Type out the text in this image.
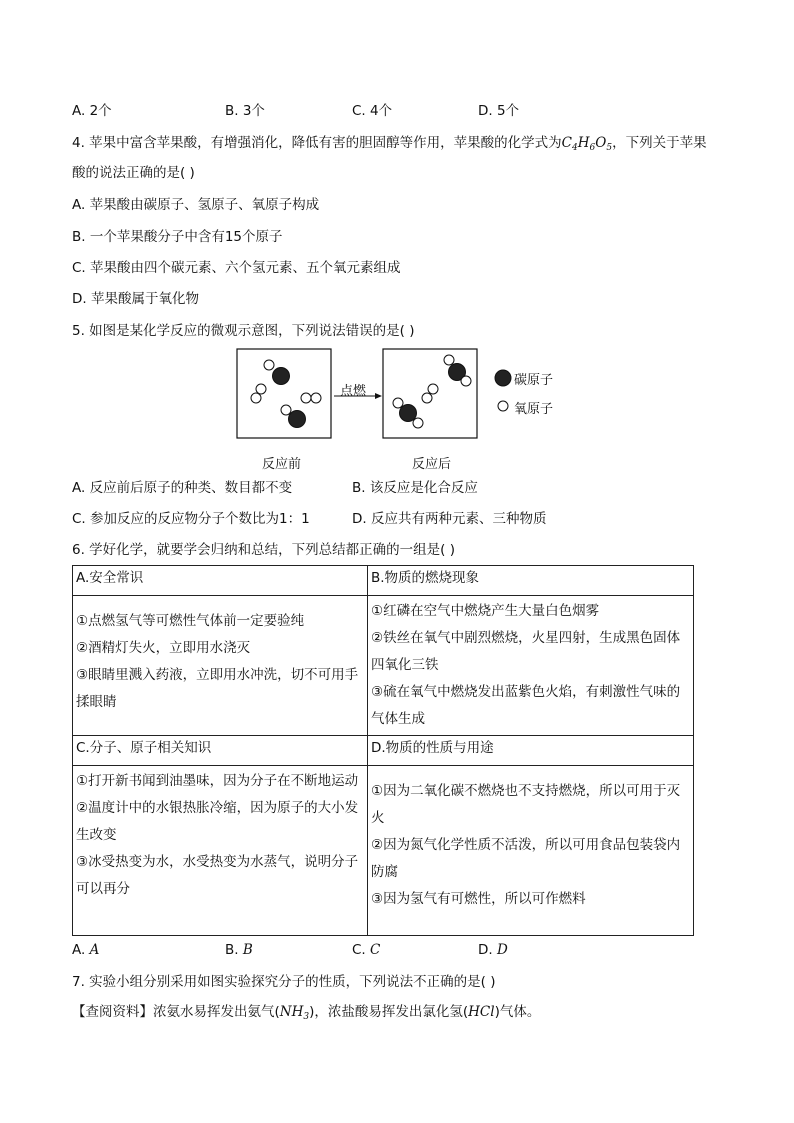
A. 2个	B. 3个	C. 4个	D. 5个
4. 苹果中富含苹果酸，有增强消化，降低有害的胆固醇等作用，苹果酸的化学式为$C_4H_6O_5$，下列关于苹果
酸的说法正确的是( )
A. 苹果酸由碳原子、氢原子、氧原子构成
B. 一个苹果酸分子中含有15个原子
C. 苹果酸由四个碳元素、六个氢元素、五个氧元素组成
D. 苹果酸属于氧化物
5. 如图是某化学反应的微观示意图，下列说法错误的是( )
点燃
碳原子
氧原子
反应前	反应后
A. 反应前后原子的种类、数目都不变	B. 该反应是化合反应
C. 参加反应的反应物分子个数比为1：1	D. 反应共有两种元素、三种物质
6. 学好化学，就要学会归纳和总结，下列总结都正确的一组是( )
A.安全常识	B.物质的燃烧现象

①点燃氢气等可燃性气体前一定要验纯
②酒精灯失火，立即用水浇灭
③眼睛里溅入药液，立即用水冲洗，切不可用手揉眼睛	①红磷在空气中燃烧产生大量白色烟雾
②铁丝在氧气中剧烈燃烧，火星四射，生成黑色固体四氧化三铁
③硫在氧气中燃烧发出蓝紫色火焰，有刺激性气味的气体生成

C.分子、原子相关知识	D.物质的性质与用途

①打开新书闻到油墨味，因为分子在不断地运动
②温度计中的水银热胀冷缩，因为原子的大小发生改变
③冰受热变为水，水受热变为水蒸气，说明分子可以再分	①因为二氧化碳不燃烧也不支持燃烧，所以可用于灭火
②因为氮气化学性质不活泼，所以可用食品包装袋内防腐
③因为氢气有可燃性，所以可作燃料
A. A	B. B	C. C	D. D
7. 实验小组分别采用如图实验探究分子的性质，下列说法不正确的是( )
【查阅资料】浓氨水易挥发出氨气$(NH_3)$，浓盐酸易挥发出氯化氢(HCl)气体。
